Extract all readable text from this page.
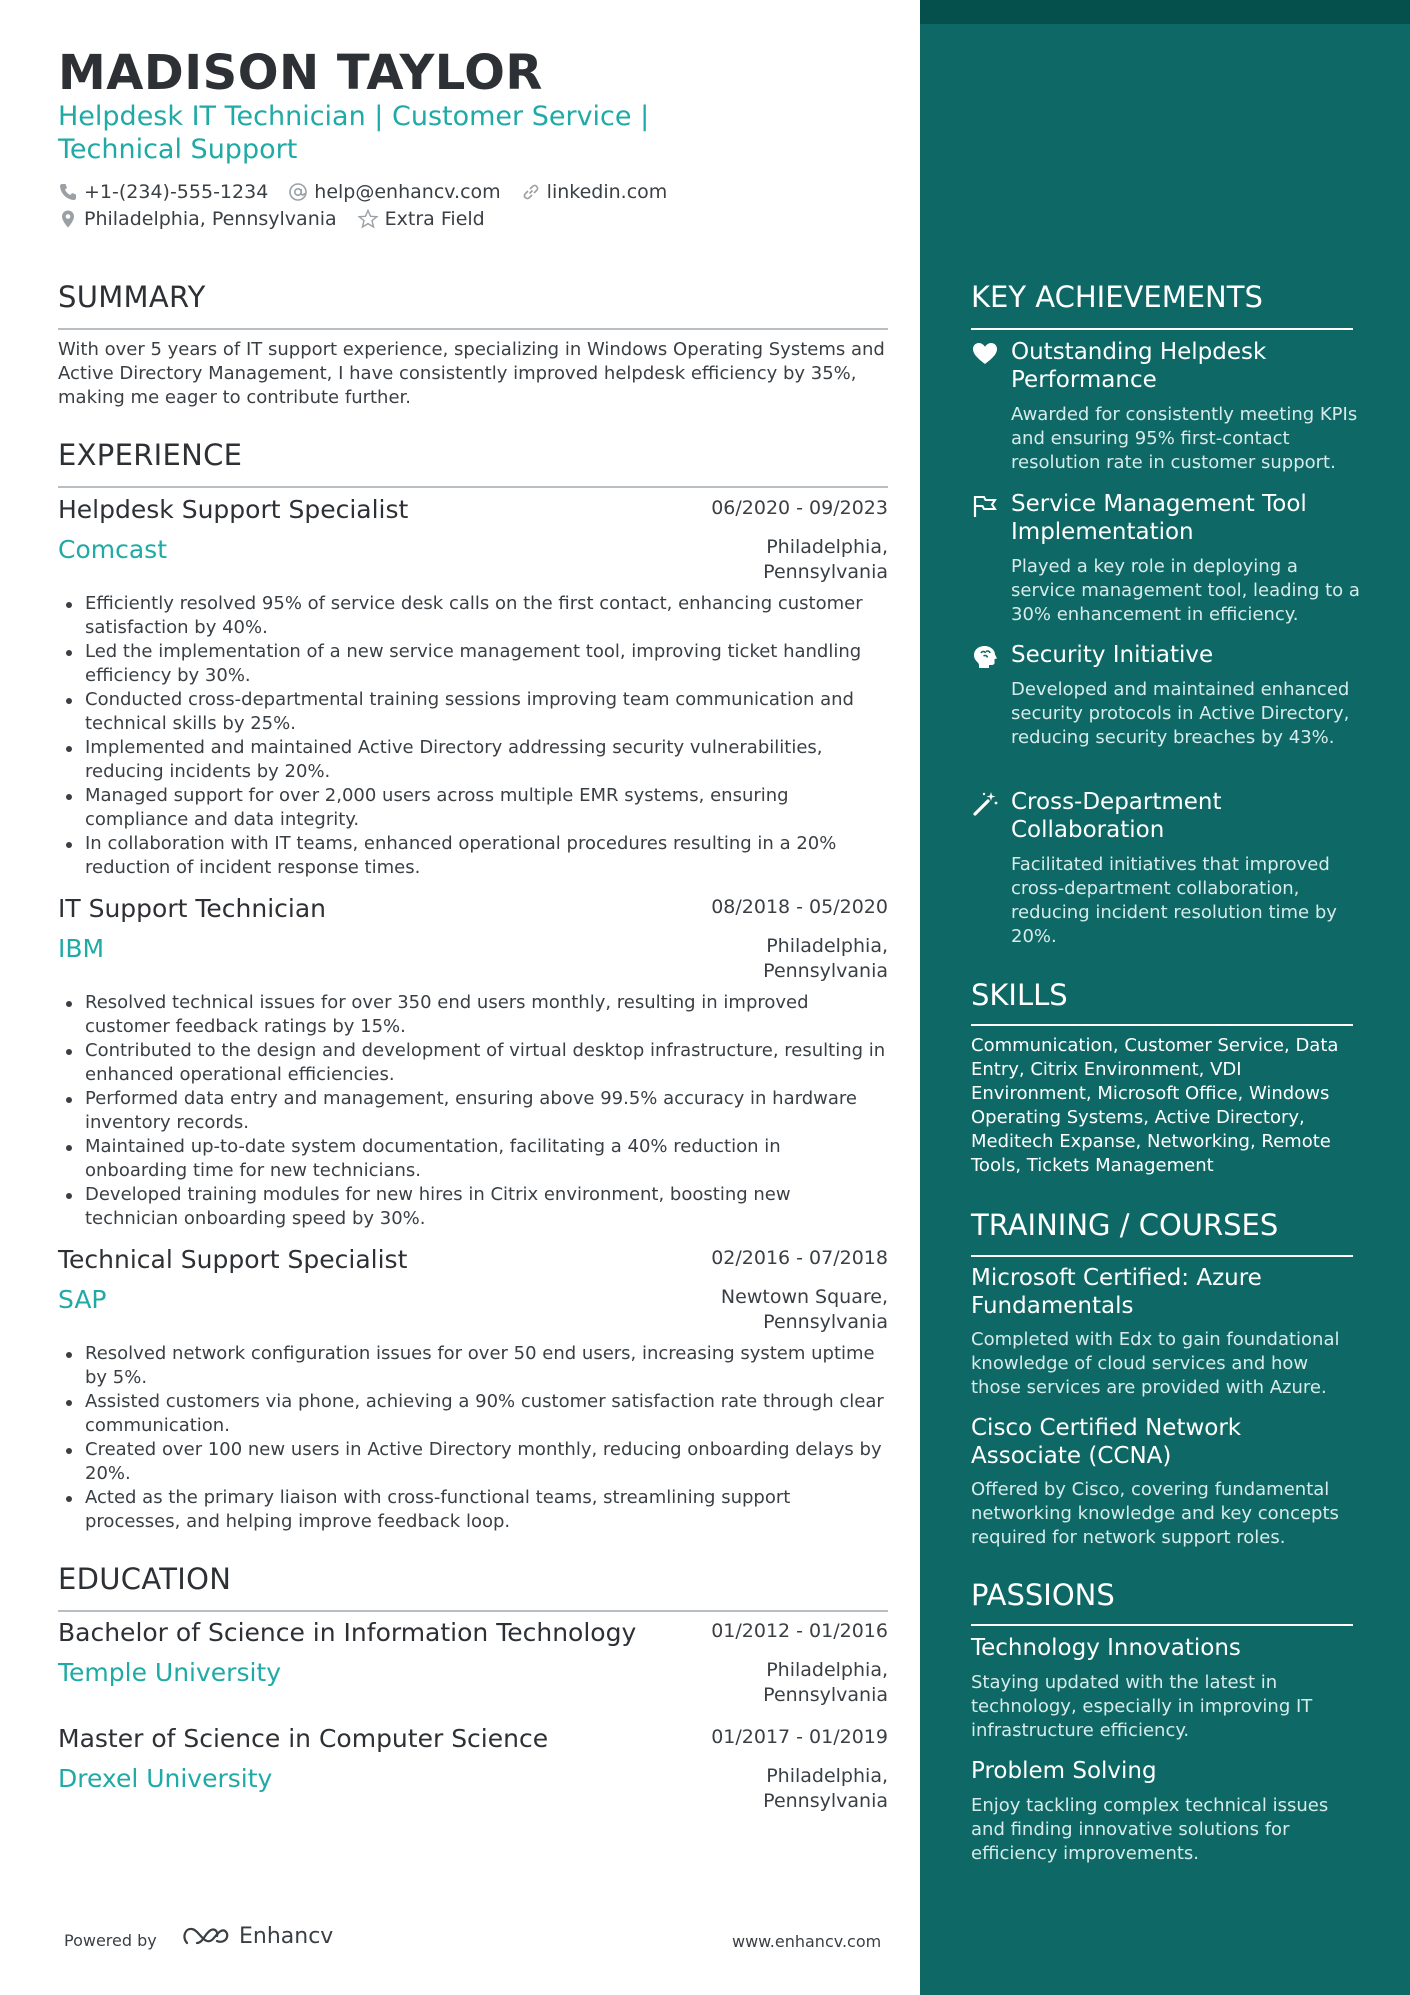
MADISON TAYLOR

Helpdesk IT Technician | Customer Service | Technical Support

+1-(234)-555-1234 help@enhancv.com linkedin.com
Philadelphia, Pennsylvania	Extra Field
SUMMARY

With over 5 years of IT support experience, specializing in Windows Operating Systems and Active Directory Management, I have consistently improved helpdesk efficiency by 35%, making me eager to contribute further.

EXPERIENCE
Helpdesk Support Specialist	06/2020 - 09/2023
Comcast	Philadelphia, Pennsylvania
Efficiently resolved 95% of service desk calls on the first contact, enhancing customer satisfaction by 40%.
Led the implementation of a new service management tool, improving ticket handling efficiency by 30%.
Conducted cross-departmental training sessions improving team communication and technical skills by 25%.
Implemented and maintained Active Directory addressing security vulnerabilities, reducing incidents by 20%.
Managed support for over 2,000 users across multiple EMR systems, ensuring compliance and data integrity.
In collaboration with IT teams, enhanced operational procedures resulting in a 20% reduction of incident response times.
IT Support Technician	08/2018 - 05/2020
IBM	Philadelphia, Pennsylvania
Resolved technical issues for over 350 end users monthly, resulting in improved customer feedback ratings by 15%.
Contributed to the design and development of virtual desktop infrastructure, resulting in enhanced operational efficiencies.
Performed data entry and management, ensuring above 99.5% accuracy in hardware inventory records.
Maintained up-to-date system documentation, facilitating a 40% reduction in onboarding time for new technicians.
Developed training modules for new hires in Citrix environment, boosting new technician onboarding speed by 30%.
Technical Support Specialist	02/2016 - 07/2018
SAP	Newtown Square, Pennsylvania
Resolved network configuration issues for over 50 end users, increasing system uptime by 5%.
Assisted customers via phone, achieving a 90% customer satisfaction rate through clear communication.
Created over 100 new users in Active Directory monthly, reducing onboarding delays by 20%.
Acted as the primary liaison with cross-functional teams, streamlining support processes, and helping improve feedback loop.
EDUCATION
Bachelor of Science in Information Technology	01/2012 - 01/2016
Temple University	Philadelphia, Pennsylvania
Master of Science in Computer Science	01/2017 - 01/2019
Drexel University	Philadelphia, Pennsylvania
Powered by	Enhancv	www.enhancv.com
KEY ACHIEVEMENTS
Outstanding Helpdesk Performance
Awarded for consistently meeting KPIs and ensuring 95% first-contact resolution rate in customer support.
Service Management Tool Implementation
Played a key role in deploying a service management tool, leading to a 30% enhancement in efficiency.
Security Initiative
Developed and maintained enhanced security protocols in Active Directory, reducing security breaches by 43%.
Cross-Department Collaboration
Facilitated initiatives that improved cross-department collaboration, reducing incident resolution time by 20%.
SKILLS

Communication, Customer Service, Data Entry, Citrix Environment, VDI Environment, Microsoft Office, Windows Operating Systems, Active Directory, Meditech Expanse, Networking, Remote Tools, Tickets Management

TRAINING / COURSES
Microsoft Certified: Azure Fundamentals
Completed with Edx to gain foundational knowledge of cloud services and how those services are provided with Azure.
Cisco Certified Network Associate (CCNA)
Offered by Cisco, covering fundamental networking knowledge and key concepts required for network support roles.
PASSIONS
Technology Innovations
Staying updated with the latest in technology, especially in improving IT infrastructure efficiency.
Problem Solving
Enjoy tackling complex technical issues and finding innovative solutions for efficiency improvements.
